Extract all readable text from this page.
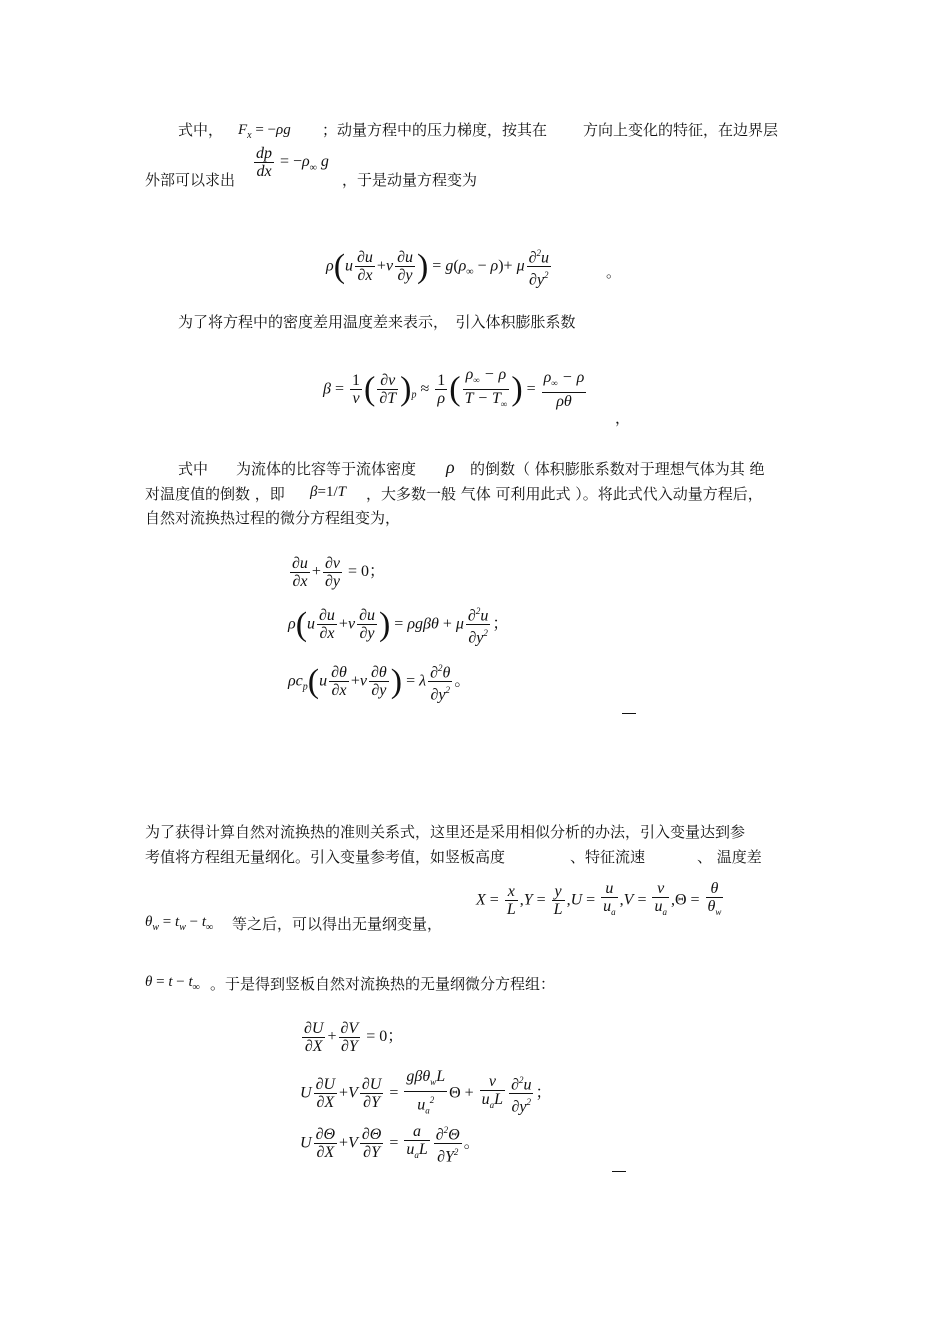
式中， $F_x = -\rho g$ ；动量方程中的压力梯度，按其在 方向上变化的特征，在边界层
外部可以求出 $\frac{dp}{dx} = -\rho_\infty$ g
，于是动量方程变为
$\rho(u \frac{\partial u}{\partial x} +v \frac{\partial u}{\partial y}$ ) = $g(\rho_\infty - \rho)+ \mu \frac{\partial^2u}{\partial y^2}$	。
为了将方程中的密度差用温度差来表示，　引入体积膨胀系数
$\beta = \frac{1}{v}$ ( $\frac{\partial v}{\partial T} )_p \approx \frac{1}{\rho}$ ( $\frac{\rho_\infty - \rho}{T - T_\infty}$ ) = $\frac{\rho_\infty - \rho}{\rho\theta}$
，
式中 为流体的比容等于流体密度 ρ 的倒数（ 体积膨胀系数对于理想气体为其 绝
对温度值的倒数 ，即 β=1/T ，大多数一般 气体 可利用此式 ）。将此式代入动量方程后，
自然对流换热过程的微分方程组变为，
$\frac{\partial u}{\partial x} + \frac{\partial v}{\partial y} = 0$；
$\rho(u \frac{\partial u}{\partial x} +v \frac{\partial u}{\partial y}$ ) = ρgβθ + μ $\frac{\partial^2u}{\partial y^2}$ ；
$\rho c_p(u \frac{\partial\theta}{\partial x} +v \frac{\partial\theta}{\partial y}$ ) = λ $\frac{\partial^2\theta}{\partial y^2}$ 。
为了获得计算自然对流换热的准则关系式，这里还是采用相似分析的办法，引入变量达到参
考值将方程组无量纲化。引入变量参考值，如竖板高度	、特征流速	、 温度差
$X = \frac{x}{L} ,Y = \frac{y}{L} ,U = \frac{u}{u_a} ,V = \frac{v}{u_a} ,\Theta = \frac{\theta}{\theta_w}$
$\theta_w = t_w - t_\infty$ 等之后，可以得出无量纲变量，
$\theta = t - t_\infty$ 。于是得到竖板自然对流换热的无量纲微分方程组：
$\frac{\partial U}{\partial X} + \frac{\partial V}{\partial Y} = 0$；
U $\frac{\partial U}{\partial X} +V \frac{\partial U}{\partial Y} = \frac{g\beta\theta_wL}{u_a^2}$ $\Theta + \frac{v}{u_aL} \frac{\partial^2u}{\partial y^2}$ ；
U $\frac{\partial\Theta}{\partial X} +V \frac{\partial\Theta}{\partial Y} = \frac{a}{u_aL} \frac{\partial^2\Theta}{\partial Y^2}$ 。
